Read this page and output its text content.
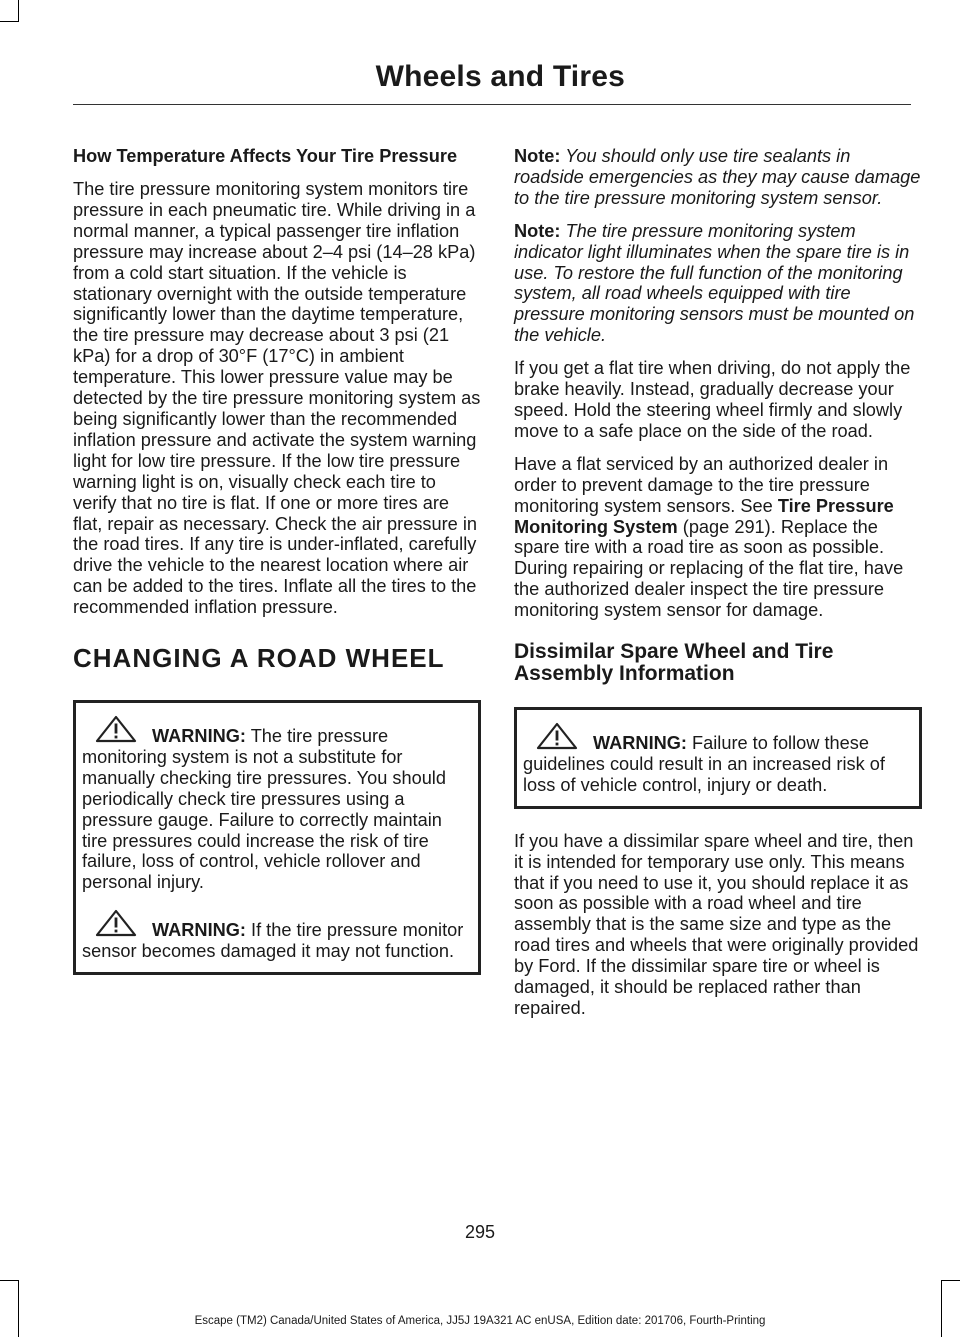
Wheels and Tires
How Temperature Affects Your Tire Pressure

The tire pressure monitoring system monitors tire pressure in each pneumatic tire. While driving in a normal manner, a typical passenger tire inflation pressure may increase about 2–4 psi (14–28 kPa) from a cold start situation. If the vehicle is stationary overnight with the outside temperature significantly lower than the daytime temperature, the tire pressure may decrease about 3 psi (21 kPa) for a drop of 30°F (17°C) in ambient temperature. This lower pressure value may be detected by the tire pressure monitoring system as being significantly lower than the recommended inflation pressure and activate the system warning light for low tire pressure. If the low tire pressure warning light is on, visually check each tire to verify that no tire is flat. If one or more tires are flat, repair as necessary. Check the air pressure in the road tires. If any tire is under-inflated, carefully drive the vehicle to the nearest location where air can be added to the tires. Inflate all the tires to the recommended inflation pressure.

CHANGING A ROAD WHEEL

WARNING: The tire pressure monitoring system is not a substitute for manually checking tire pressures. You should periodically check tire pressures using a pressure gauge. Failure to correctly maintain tire pressures could increase the risk of tire failure, loss of control, vehicle rollover and personal injury.

WARNING: If the tire pressure monitor sensor becomes damaged it may not function.

Note: You should only use tire sealants in roadside emergencies as they may cause damage to the tire pressure monitoring system sensor.

Note: The tire pressure monitoring system indicator light illuminates when the spare tire is in use. To restore the full function of the monitoring system, all road wheels equipped with tire pressure monitoring sensors must be mounted on the vehicle.

If you get a flat tire when driving, do not apply the brake heavily. Instead, gradually decrease your speed. Hold the steering wheel firmly and slowly move to a safe place on the side of the road.

Have a flat serviced by an authorized dealer in order to prevent damage to the tire pressure monitoring system sensors. See Tire Pressure Monitoring System (page 291). Replace the spare tire with a road tire as soon as possible. During repairing or replacing of the flat tire, have the authorized dealer inspect the tire pressure monitoring system sensor for damage.

Dissimilar Spare Wheel and Tire Assembly Information

WARNING: Failure to follow these guidelines could result in an increased risk of loss of vehicle control, injury or death.

If you have a dissimilar spare wheel and tire, then it is intended for temporary use only. This means that if you need to use it, you should replace it as soon as possible with a road wheel and tire assembly that is the same size and type as the road tires and wheels that were originally provided by Ford. If the dissimilar spare tire or wheel is damaged, it should be replaced rather than repaired.

295
Escape (TM2) Canada/United States of America, JJ5J 19A321 AC enUSA, Edition date: 201706, Fourth-Printing
